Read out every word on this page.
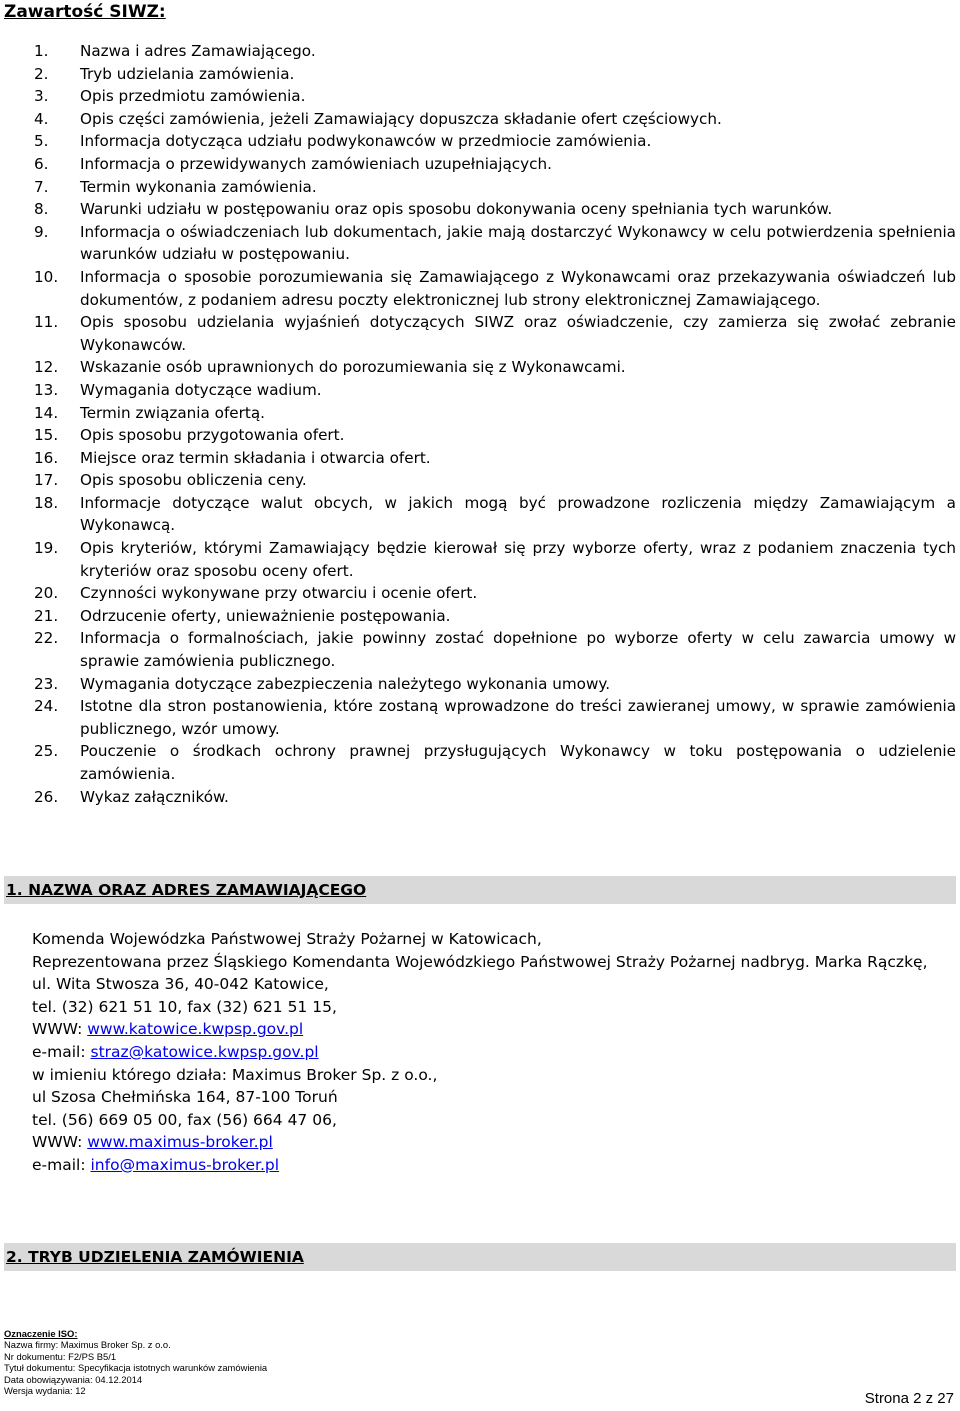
Zawartość SIWZ:
1.	Nazwa i adres Zamawiającego.
2.	Tryb udzielania zamówienia.
3.	Opis przedmiotu zamówienia.
4.	Opis części zamówienia, jeżeli Zamawiający dopuszcza składanie ofert częściowych.
5.	Informacja dotycząca udziału podwykonawców w przedmiocie zamówienia.
6.	Informacja o przewidywanych zamówieniach uzupełniających.
7.	Termin wykonania zamówienia.
8.	Warunki udziału w postępowaniu oraz opis sposobu dokonywania oceny spełniania tych warunków.
9.	Informacja o oświadczeniach lub dokumentach, jakie mają dostarczyć Wykonawcy w celu potwierdzenia spełnienia warunków udziału w postępowaniu.
10.	Informacja o sposobie porozumiewania się Zamawiającego z Wykonawcami oraz przekazywania oświadczeń lub dokumentów, z podaniem adresu poczty elektronicznej lub strony elektronicznej Zamawiającego.
11.	Opis sposobu udzielania wyjaśnień dotyczących SIWZ oraz oświadczenie, czy zamierza się zwołać zebranie Wykonawców.
12.	Wskazanie osób uprawnionych do porozumiewania się z Wykonawcami.
13.	Wymagania dotyczące wadium.
14.	Termin związania ofertą.
15.	Opis sposobu przygotowania ofert.
16.	Miejsce oraz termin składania i otwarcia ofert.
17.	Opis sposobu obliczenia ceny.
18.	Informacje dotyczące walut obcych, w jakich mogą być prowadzone rozliczenia między Zamawiającym a Wykonawcą.
19.	Opis kryteriów, którymi Zamawiający będzie kierował się przy wyborze oferty, wraz z podaniem znaczenia tych kryteriów oraz sposobu oceny ofert.
20.	Czynności wykonywane przy otwarciu i ocenie ofert.
21.	Odrzucenie oferty, unieważnienie postępowania.
22.	Informacja o formalnościach, jakie powinny zostać dopełnione po wyborze oferty w celu zawarcia umowy w sprawie zamówienia publicznego.
23.	Wymagania dotyczące zabezpieczenia należytego wykonania umowy.
24.	Istotne dla stron postanowienia, które zostaną wprowadzone do treści zawieranej umowy, w sprawie zamówienia publicznego, wzór umowy.
25.	Pouczenie o środkach ochrony prawnej przysługujących Wykonawcy w toku postępowania o udzielenie zamówienia.
26.	Wykaz załączników.
1. NAZWA ORAZ ADRES ZAMAWIAJĄCEGO
Komenda Wojewódzka Państwowej Straży Pożarnej w Katowicach,
Reprezentowana przez Śląskiego Komendanta Wojewódzkiego Państwowej Straży Pożarnej nadbryg. Marka Rączkę,
ul. Wita Stwosza 36, 40-042 Katowice,
tel. (32) 621 51 10, fax (32) 621 51 15,
WWW: www.katowice.kwpsp.gov.pl
e-mail: straz@katowice.kwpsp.gov.pl
w imieniu którego działa: Maximus Broker Sp. z o.o.,
ul Szosa Chełmińska 164, 87-100 Toruń
tel. (56) 669 05 00, fax (56) 664 47 06,
WWW: www.maximus-broker.pl
e-mail: info@maximus-broker.pl
2. TRYB UDZIELENIA ZAMÓWIENIA
Oznaczenie ISO:
Nazwa firmy: Maximus Broker Sp. z o.o.
Nr dokumentu: F2/PS B5/1
Tytuł dokumentu: Specyfikacja istotnych warunków zamówienia
Data obowiązywania: 04.12.2014
Wersja wydania: 12	Strona 2 z 27
